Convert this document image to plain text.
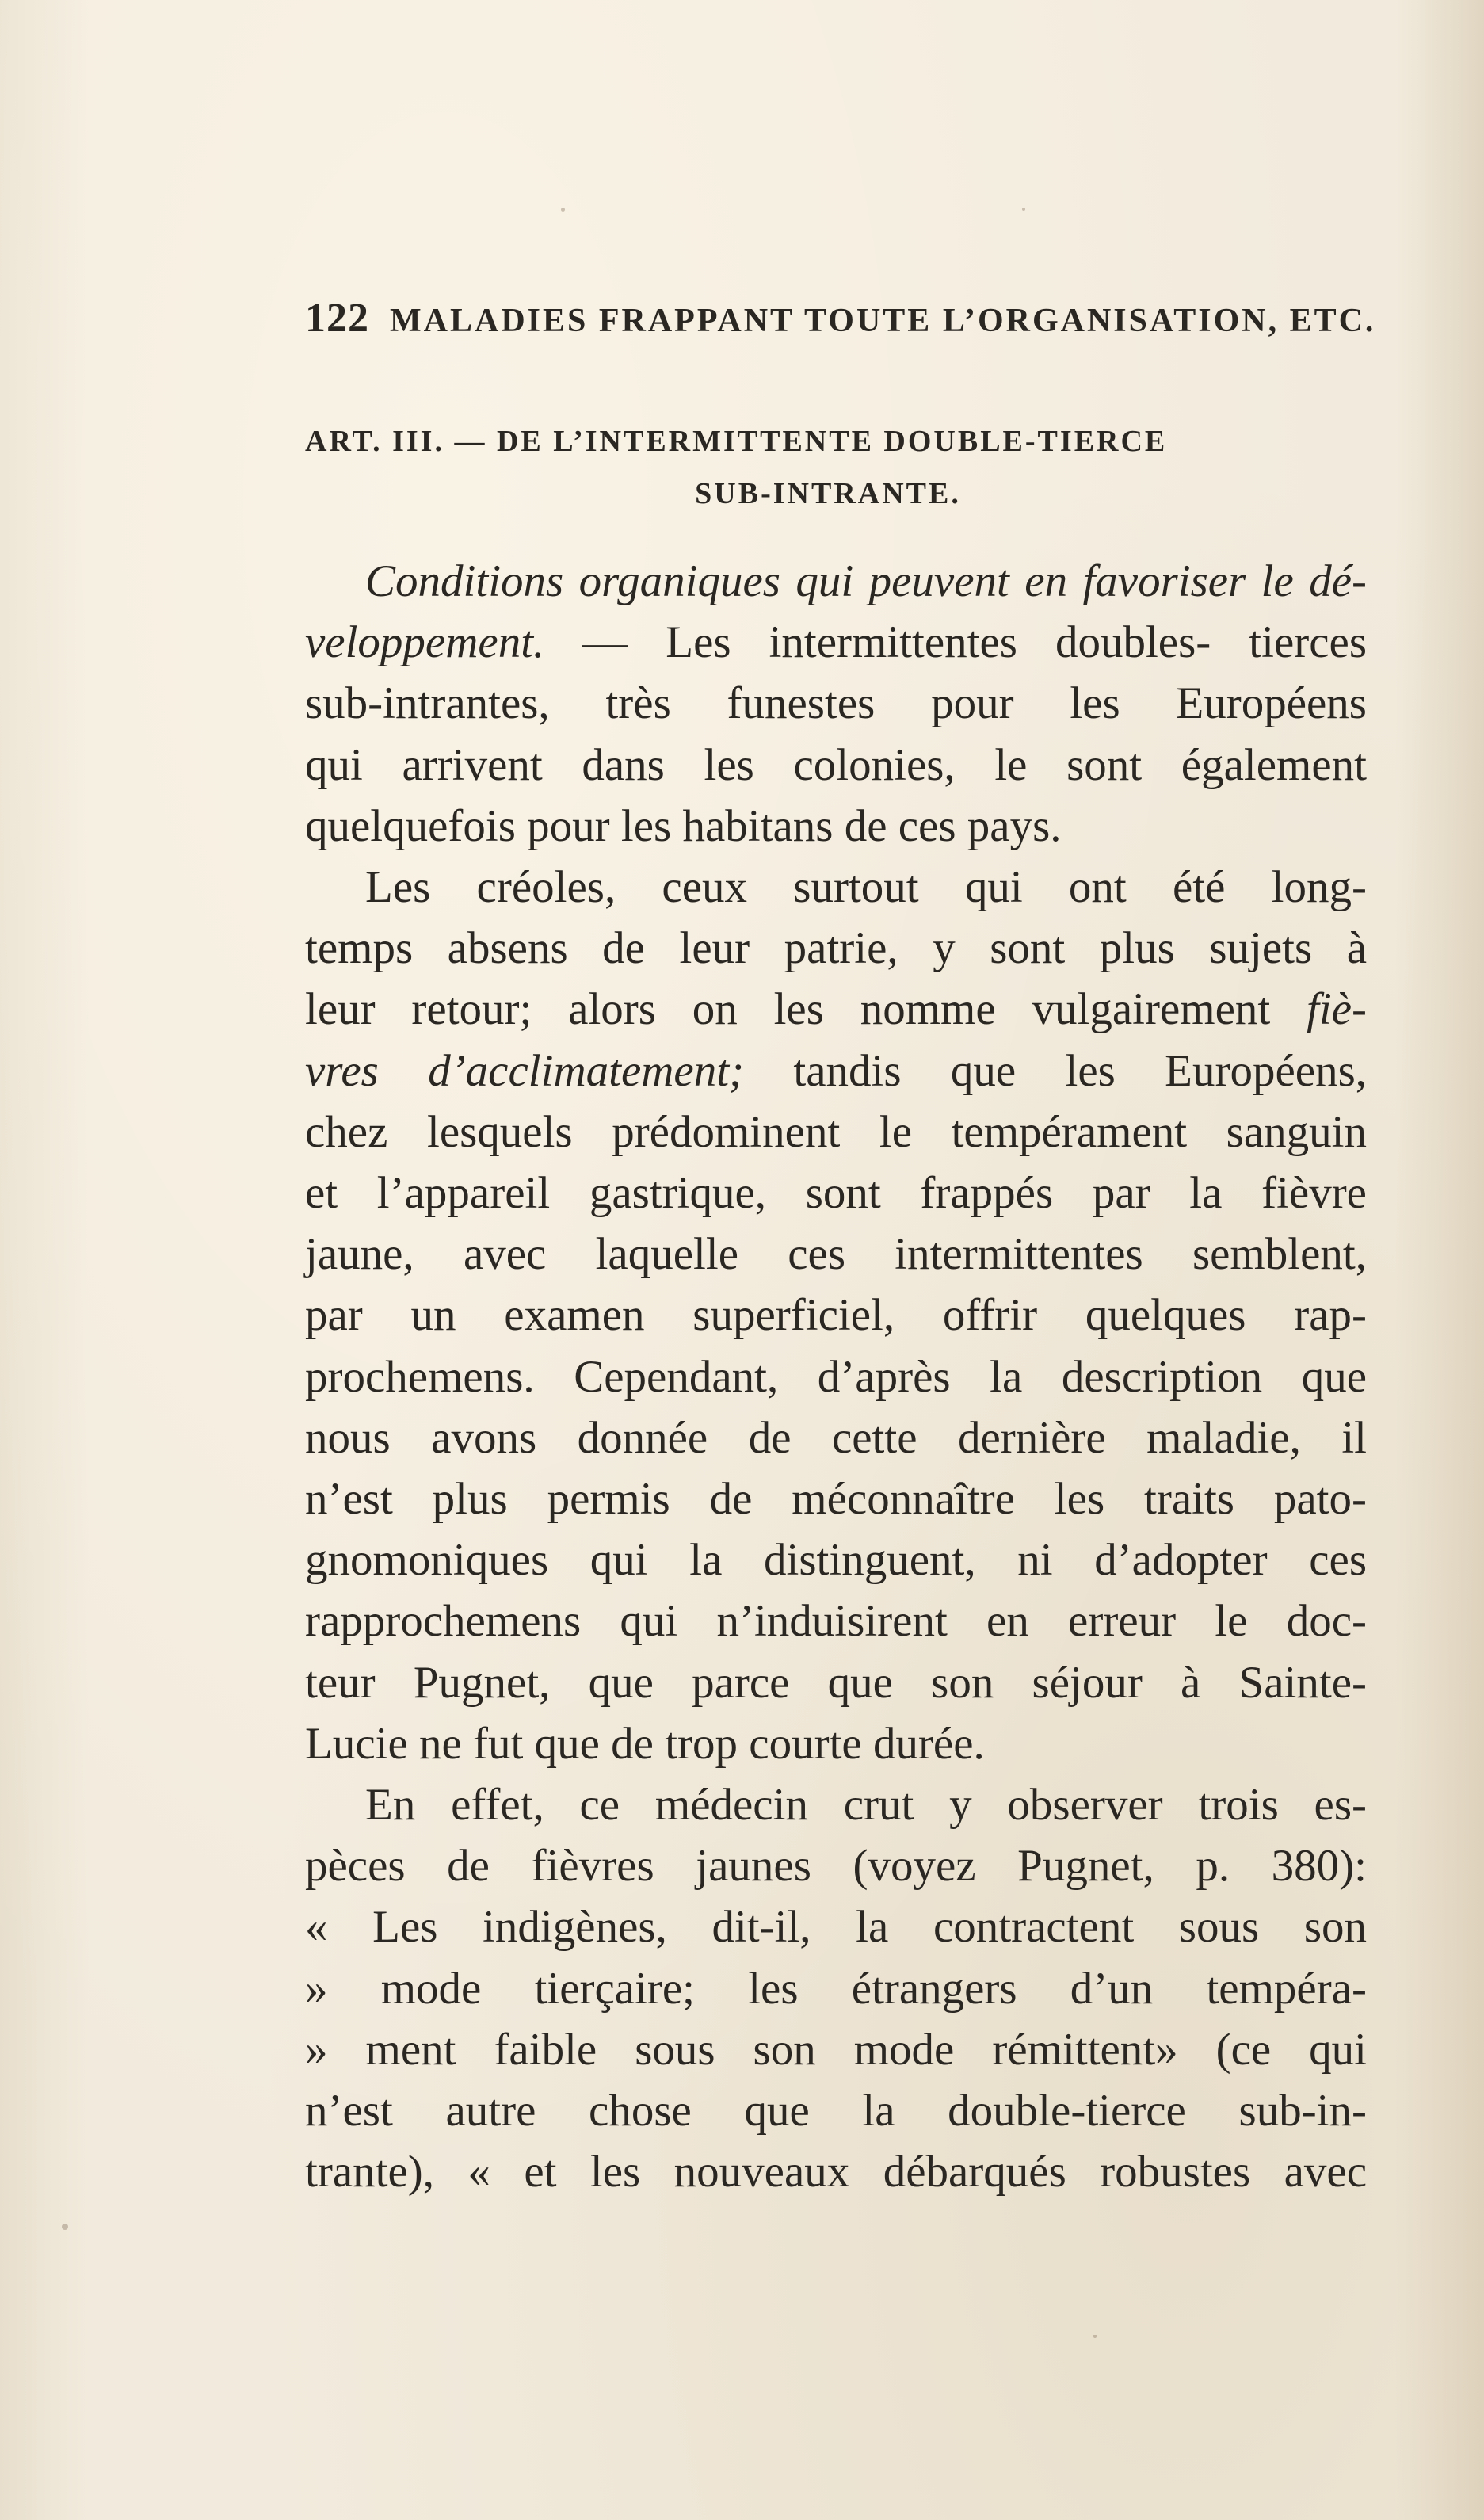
122 MALADIES FRAPPANT TOUTE L’ORGANISATION, ETC.
ART. III. — DE L’INTERMITTENTE DOUBLE-TIERCE
SUB-INTRANTE.
Conditions organiques qui peuvent en favoriser le dé-
veloppement. — Les intermittentes doubles- tierces
sub-intrantes, très funestes pour les Européens
qui arrivent dans les colonies, le sont également
quelquefois pour les habitans de ces pays.
Les créoles, ceux surtout qui ont été long-
temps absens de leur patrie, y sont plus sujets à
leur retour; alors on les nomme vulgairement fiè-
vres d’acclimatement; tandis que les Européens,
chez lesquels prédominent le tempérament sanguin
et l’appareil gastrique, sont frappés par la fièvre
jaune, avec laquelle ces intermittentes semblent,
par un examen superficiel, offrir quelques rap-
prochemens. Cependant, d’après la description que
nous avons donnée de cette dernière maladie, il
n’est plus permis de méconnaître les traits pato-
gnomoniques qui la distinguent, ni d’adopter ces
rapprochemens qui n’induisirent en erreur le doc-
teur Pugnet, que parce que son séjour à Sainte-
Lucie ne fut que de trop courte durée.
En effet, ce médecin crut y observer trois es-
pèces de fièvres jaunes (voyez Pugnet, p. 380):
« Les indigènes, dit-il, la contractent sous son
» mode tierçaire; les étrangers d’un tempéra-
» ment faible sous son mode rémittent» (ce qui
n’est autre chose que la double-tierce sub-in-
trante), « et les nouveaux débarqués robustes avec
